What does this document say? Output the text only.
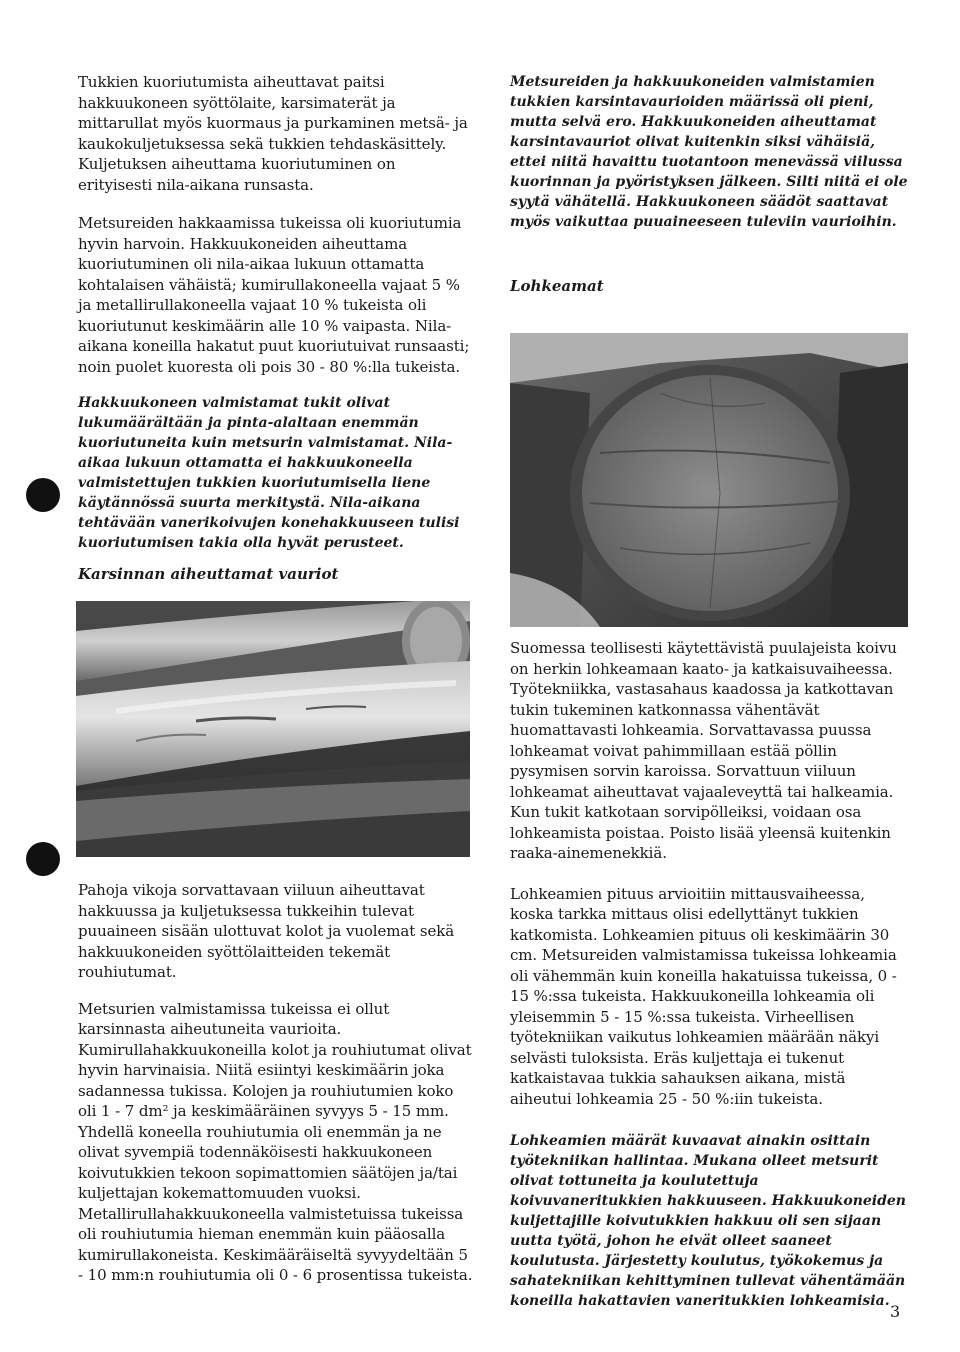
Tukkien kuoriutumista aiheuttavat paitsi hakkuukoneen syöttölaite, karsimaterät ja mittarullat myös kuormaus ja purkaminen metsä- ja kaukokuljetuksessa sekä tukkien tehdaskäsittely. Kuljetuksen aiheuttama kuoriutuminen on erityisesti nila-aikana runsasta.

Metsureiden hakkaamissa tukeissa oli kuoriutumia hyvin harvoin. Hakkuukoneiden aiheuttama kuoriutuminen oli nila-aikaa lukuun ottamatta kohtalaisen vähäistä; kumirullakoneella vajaat 5 % ja metallirullakoneella vajaat 10 % tukeista oli kuoriutunut keskimäärin alle 10 % vaipasta. Nila-aikana koneilla hakatut puut kuoriutuivat runsaasti; noin puolet kuoresta oli pois 30 - 80 %:lla tukeista.

Hakkuukoneen valmistamat tukit olivat lukumäärältään ja pinta-alaltaan enemmän kuoriutuneita kuin metsurin valmistamat. Nila-aikaa lukuun ottamatta ei hakkuukoneella valmistettujen tukkien kuoriutumisella liene käytännössä suurta merkitystä. Nila-aikana tehtävään vanerikoivujen konehakkuuseen tulisi kuoriutumisen takia olla hyvät perusteet.

Karsinnan aiheuttamat vauriot

Pahoja vikoja sorvattavaan viiluun aiheuttavat hakkuussa ja kuljetuksessa tukkeihin tulevat puuaineen sisään ulottuvat kolot ja vuolemat sekä hakkuukoneiden syöttölaitteiden tekemät rouhiutumat.

Metsurien valmistamissa tukeissa ei ollut karsinnasta aiheutuneita vaurioita. Kumirullahakkuukoneilla kolot ja rouhiutumat olivat hyvin harvinaisia. Niitä esiintyi keskimäärin joka sadannessa tukissa. Kolojen ja rouhiutumien koko oli 1 - 7 dm² ja keskimääräinen syvyys 5 - 15 mm. Yhdellä koneella rouhiutumia oli enemmän ja ne olivat syvempiä todennäköisesti hakkuukoneen koivutukkien tekoon sopimattomien säätöjen ja/tai kuljettajan kokemattomuuden vuoksi. Metallirullahakkuukoneella valmistetuissa tukeissa oli rouhiutumia hieman enemmän kuin pääosalla kumirullakoneista. Keskimääräiseltä syvyydeltään 5 - 10 mm:n rouhiutumia oli 0 - 6 prosentissa tukeista.

Metsureiden ja hakkuukoneiden valmistamien tukkien karsintavaurioiden määrissä oli pieni, mutta selvä ero. Hakkuukoneiden aiheuttamat karsintavauriot olivat kuitenkin siksi vähäisiä, ettei niitä havaittu tuotantoon menevässä viilussa kuorinnan ja pyöristyksen jälkeen. Silti niitä ei ole syytä vähätellä. Hakkuukoneen säädöt saattavat myös vaikuttaa puuaineeseen tuleviin vaurioihin.

Lohkeamat

Suomessa teollisesti käytettävistä puulajeista koivu on herkin lohkeamaan kaato- ja katkaisuvaiheessa. Työtekniikka, vastasahaus kaadossa ja katkottavan tukin tukeminen katkonnassa vähentävät huomattavasti lohkeamia. Sorvattavassa puussa lohkeamat voivat pahimmillaan estää pöllin pysymisen sorvin karoissa. Sorvattuun viiluun lohkeamat aiheuttavat vajaaleveyttä tai halkeamia. Kun tukit katkotaan sorvipölleiksi, voidaan osa lohkeamista poistaa. Poisto lisää yleensä kuitenkin raaka-ainemenekkiä.

Lohkeamien pituus arvioitiin mittausvaiheessa, koska tarkka mittaus olisi edellyttänyt tukkien katkomista. Lohkeamien pituus oli keskimäärin 30 cm. Metsureiden valmistamissa tukeissa lohkeamia oli vähemmän kuin koneilla hakatuissa tukeissa, 0 - 15 %:ssa tukeista. Hakkuukoneilla lohkeamia oli yleisemmin 5 - 15 %:ssa tukeista. Virheellisen työtekniikan vaikutus lohkeamien määrään näkyi selvästi tuloksista. Eräs kuljettaja ei tukenut katkaistavaa tukkia sahauksen aikana, mistä aiheutui lohkeamia 25 - 50 %:iin tukeista.

Lohkeamien määrät kuvaavat ainakin osittain työtekniikan hallintaa. Mukana olleet metsurit olivat tottuneita ja koulutettuja koivuvaneritukkien hakkuuseen. Hakkuukoneiden kuljettajille koivutukkien hakkuu oli sen sijaan uutta työtä, johon he eivät olleet saaneet koulutusta. Järjestetty koulutus, työkokemus ja sahatekniikan kehittyminen tullevat vähentämään koneilla hakattavien vaneritukkien lohkeamisia.

3
